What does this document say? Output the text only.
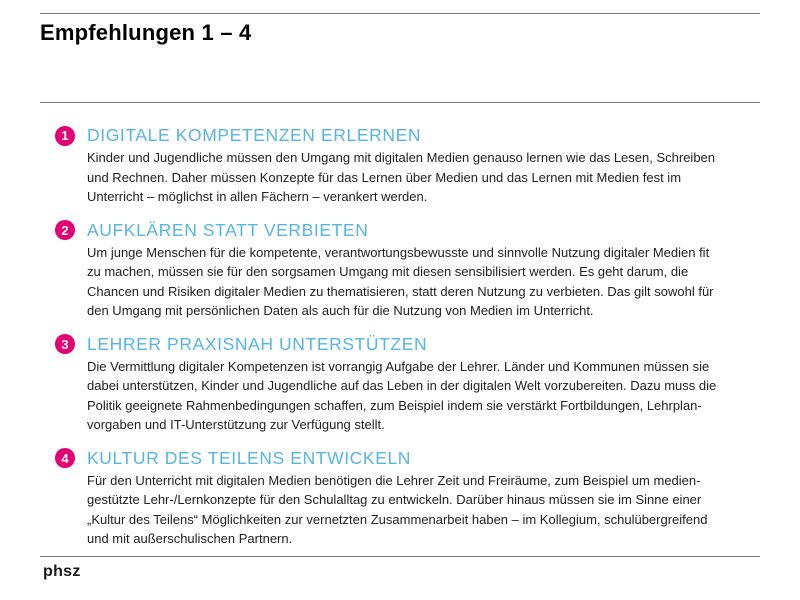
Empfehlungen 1 – 4
1	DIGITALE KOMPETENZEN ERLERNEN
Kinder und Jugendliche müssen den Umgang mit digitalen Medien genauso lernen wie das Lesen, Schreiben
und Rechnen. Daher müssen Konzepte für das Lernen über Medien und das Lernen mit Medien fest im
Unterricht – möglichst in allen Fächern – verankert werden.
2	AUFKLÄREN STATT VERBIETEN
Um junge Menschen für die kompetente, verantwortungsbewusste und sinnvolle Nutzung digitaler Medien fit
zu machen, müssen sie für den sorgsamen Umgang mit diesen sensibilisiert werden. Es geht darum, die
Chancen und Risiken digitaler Medien zu thematisieren, statt deren Nutzung zu verbieten. Das gilt sowohl für
den Umgang mit persönlichen Daten als auch für die Nutzung von Medien im Unterricht.
3	LEHRER PRAXISNAH UNTERSTÜTZEN
Die Vermittlung digitaler Kompetenzen ist vorrangig Aufgabe der Lehrer. Länder und Kommunen müssen sie
dabei unterstützen, Kinder und Jugendliche auf das Leben in der digitalen Welt vorzubereiten. Dazu muss die
Politik geeignete Rahmenbedingungen schaffen, zum Beispiel indem sie verstärkt Fortbildungen, Lehrplan-
vorgaben und IT-Unterstützung zur Verfügung stellt.
4	KULTUR DES TEILENS ENTWICKELN
Für den Unterricht mit digitalen Medien benötigen die Lehrer Zeit und Freiräume, zum Beispiel um medien-
gestützte Lehr-/Lernkonzepte für den Schulalltag zu entwickeln. Darüber hinaus müssen sie im Sinne einer
„Kultur des Teilens“ Möglichkeiten zur vernetzten Zusammenarbeit haben – im Kollegium, schulübergreifend
und mit außerschulischen Partnern.
phsz
